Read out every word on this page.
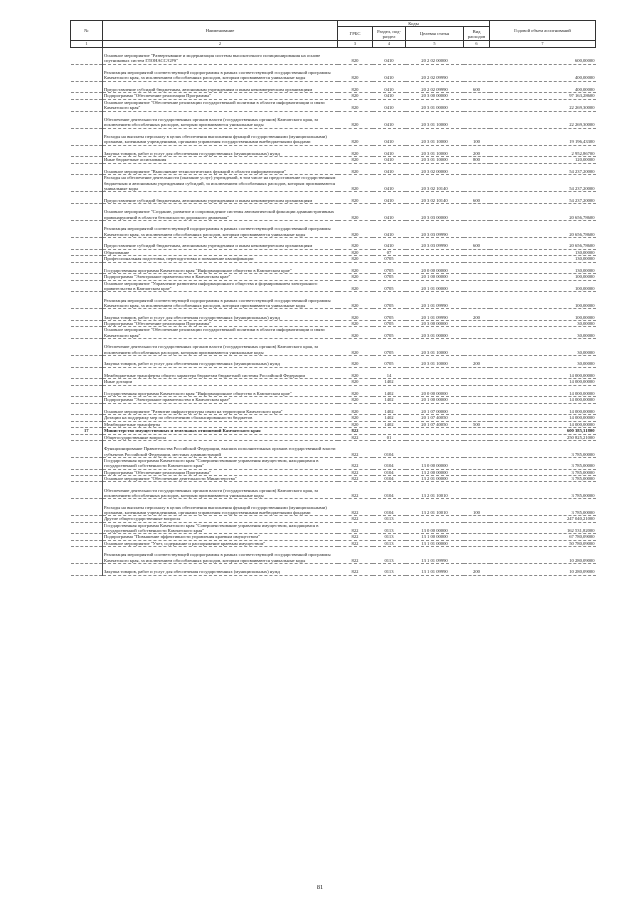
№	Наименование	Коды				Годовой объем ассигнований
		ГРБС	Раздел, под-раздел	Целевая статья	Вид расходов	
1	2	3	4	5	6	7
	Основное мероприятие "Развертывание и модернизация системы высокоточного позиционирования на основе спутниковых систем ГЛОНАСС/GPS"	820	0410	20 2 02 00000		600,00000
	Реализация мероприятий соответствующей подпрограммы в рамках соответствующей государственной программы Камчатского края, за исключением обособленных расходов, которым присваиваются уникальные коды	820	0410	20 2 02 09990		400,00000
	Предоставление субсидий бюджетным, автономным учреждениям и иным некоммерческим организациям	820	0410	20 2 02 09990	600	400,00000
	Подпрограмма "Обеспечение реализации Программы"	820	0410	20 3 00 00000		97 163,28600
	Основное мероприятие "Обеспечение реализации государственной политики в области информатизации и связи Камчатского края"	820	0410	20 3 01 00000		22 269,30000
	Обеспечение деятельности государственных органов власти (государственных органов) Камчатского края, за исключением обособленных расходов, которым присваиваются уникальные коды	820	0410	20 3 01 10000		22 269,30000
	Расходы на выплаты персоналу в целях обеспечения выполнения функций государственными (муниципальными) органами, казенными учреждениями, органами управления государственными внебюджетными фондами	820	0410	20 3 01 10000	100	19 196,43300
	Закупка товаров, работ и услуг для обеспечения государственных (муниципальных) нужд	820	0410	20 3 01 10000	200	2 952,86700
	Иные бюджетные ассигнования	820	0410	20 3 01 10000	800	120,00000
	Основное мероприятие "Выполнение технологических функций в области информатизации"	820	0410	20 3 02 00000		54 237,20000
	Расходы на обеспечение деятельности (оказание услуг) учреждений, в том числе на предоставление государственным бюджетным и автономным учреждениям субсидий, за исключением обособленных расходов, которым присваиваются уникальные коды	820	0410	20 3 02 10140		54 237,20000
	Предоставление субсидий бюджетным, автономным учреждениям и иным некоммерческим организациям	820	0410	20 3 02 10140	600	54 237,20000
	Основное мероприятие "Создание, развитие и сопровождение системы автоматической фиксации административных правонарушений в области безопасности дорожного движения"	820	0410	20 3 03 00000		20 656,78600
	Реализация мероприятий соответствующей подпрограммы в рамках соответствующей государственной программы Камчатского края, за исключением обособленных расходов, которым присваиваются уникальные коды	820	0410	20 3 03 09990		20 656,78600
	Предоставление субсидий бюджетным, автономным учреждениям и иным некоммерческим организациям	820	0410	20 3 03 09990	600	20 656,78600
	Образование	820	07			130,00000
	Профессиональная подготовка, переподготовка и повышение квалификации	820	0705			130,00000
	Государственная программа Камчатского края "Информационное общество в Камчатском крае"	820	0705	20 0 00 00000		130,00000
	Подпрограмма "Электронное правительство в Камчатском крае"	820	0705	20 1 00 00000		100,00000
	Основное мероприятие "Управление развитием информационного общества и формированием электронного правительства в Камчатском крае"	820	0705	20 1 01 00000		100,00000
	Реализация мероприятий соответствующей подпрограммы в рамках соответствующей государственной программы Камчатского края, за исключением обособленных расходов, которым присваиваются уникальные коды	820	0705	20 1 01 09990		100,00000
	Закупка товаров, работ и услуг для обеспечения государственных (муниципальных) нужд	820	0705	20 1 01 09990	200	100,00000
	Подпрограмма "Обеспечение реализации Программы"	820	0705	20 3 00 00000		30,00000
	Основное мероприятие "Обеспечение реализации государственной политики в области информатизации и связи Камчатского края"	820	0705	20 3 01 00000		30,00000
	Обеспечение деятельности государственных органов власти (государственных органов) Камчатского края, за исключением обособленных расходов, которым присваиваются уникальные коды	820	0705	20 3 01 10000		30,00000
	Закупка товаров, работ и услуг для обеспечения государственных (муниципальных) нужд	820	0705	20 3 01 10000	200	30,00000
	Межбюджетные трансферты общего характера бюджетам бюджетной системы Российской Федерации	820	14			14 000,00000
	Иные дотации	820	1402			14 000,00000
	Государственная программа Камчатского края "Информационное общество в Камчатском крае"	820	1402	20 0 00 00000		14 000,00000
	Подпрограмма "Электронное правительство в Камчатском крае"	820	1402	20 1 00 00000		14 000,00000
	Основное мероприятие "Развитие инфраструктуры связи на территории Камчатского края"	820	1402	20 1 07 00000		14 000,00000
	Дотации на поддержку мер по обеспечению сбалансированности бюджетов	820	1402	20 1 07 40050		14 000,00000
	Межбюджетные трансферты	820	1402	20 1 07 40050	500	14 000,00000
17	Министерство имущественных и земельных отношений Камчатского края	822				600 385,31800
	Общегосударственные вопросы	822	01			250 825,21000
	Функционирование Правительства Российской Федерации, высших исполнительных органов государственной власти субъектов Российской Федерации, местных администраций	822	0104			3 785,00000
	Государственная программа Камчатского края "Совершенствование управления имуществом, находящимся в государственной собственности Камчатского края"	822	0104	13 0 00 00000		3 785,00000
	Подпрограмма "Обеспечение реализации Программы"	822	0104	13 2 00 00000		3 785,00000
	Основное мероприятие "Обеспечение деятельности Министерства"	822	0104	13 2 01 00000		3 785,00000
	Обеспечение деятельности государственных органов власти (государственных органов) Камчатского края, за исключением обособленных расходов, которым присваиваются уникальные коды	822	0104	13 2 01 10010		3 785,00000
	Расходы на выплаты персоналу в целях обеспечения выполнения функций государственными (муниципальными) органами, казенными учреждениями, органами управления государственными внебюджетными фондами	822	0104	13 2 01 10010	100	3 785,00000
	Другие общегосударственные вопросы	822	0113			247 040,21000
	Государственная программа Камчатского края "Совершенствование управления имуществом, находящимся в государственной собственности Камчатского края"	822	0113	13 0 00 00000		162 531,82000
	Подпрограмма "Повышение эффективности управления краевым имуществом"	822	0113	13 1 00 00000		67 780,09000
	Основное мероприятие "Учет, содержание и распоряжение краевым имуществом"	822	0113	13 1 01 00000		50 780,09000
	Реализация мероприятий соответствующей подпрограммы в рамках соответствующей государственной программы Камчатского края, за исключением обособленных расходов, которым присваиваются уникальные коды	822	0113	13 1 01 09990		10 280,09000
	Закупка товаров, работ и услуг для обеспечения государственных (муниципальных) нужд	822	0113	13 1 01 09990	200	10 280,09000
81
